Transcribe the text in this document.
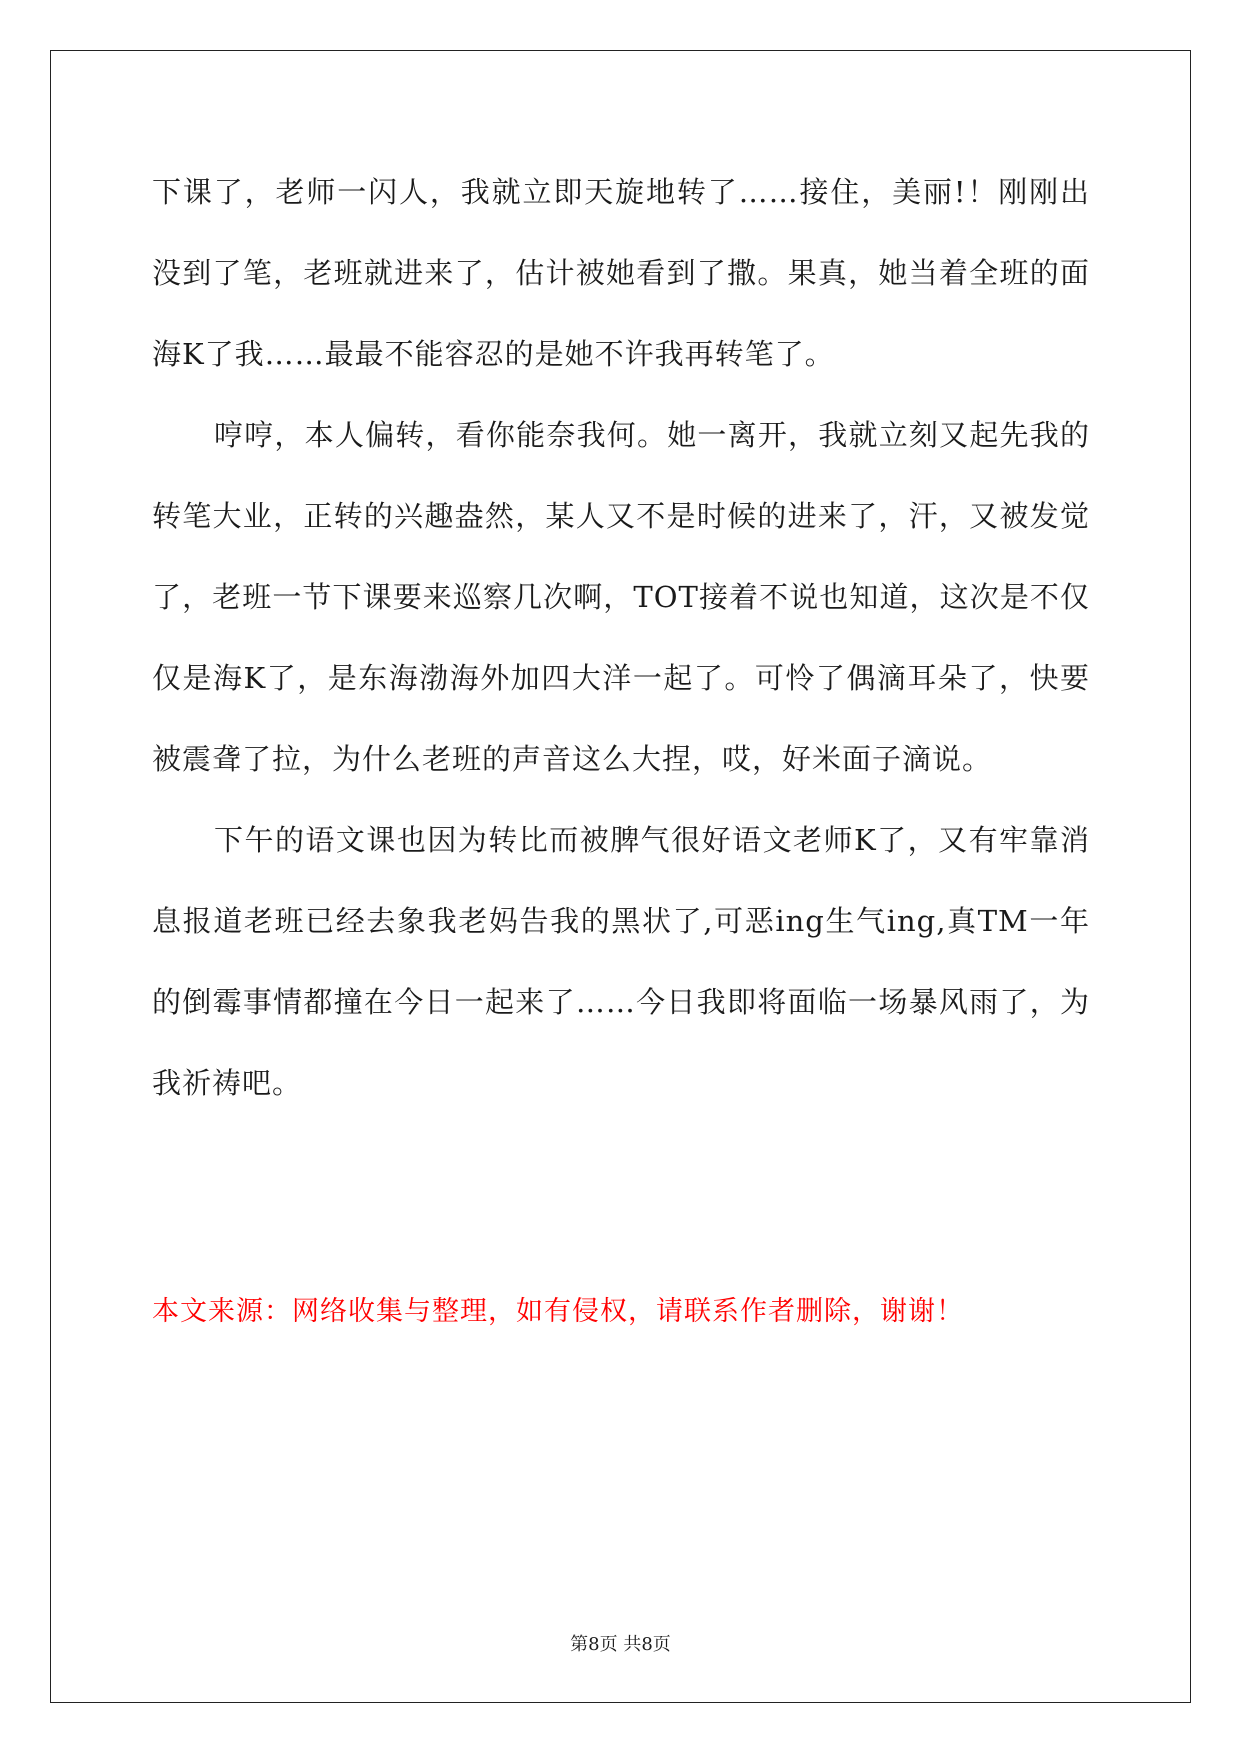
下课了，老师一闪人，我就立即天旋地转了……接住，美丽!！刚刚出没到了笔，老班就进来了，估计被她看到了撒。果真，她当着全班的面海K了我……最最不能容忍的是她不许我再转笔了。

哼哼，本人偏转，看你能奈我何。她一离开，我就立刻又起先我的转笔大业，正转的兴趣盎然，某人又不是时候的进来了，汗，又被发觉了，老班一节下课要来巡察几次啊，TOT接着不说也知道，这次是不仅仅是海K了，是东海渤海外加四大洋一起了。可怜了偶滴耳朵了，快要被震聋了拉，为什么老班的声音这么大捏，哎，好米面子滴说。

下午的语文课也因为转比而被脾气很好语文老师K了，又有牢靠消息报道老班已经去象我老妈告我的黑状了,可恶ing生气ing,真TM一年的倒霉事情都撞在今日一起来了……今日我即将面临一场暴风雨了，为我祈祷吧。

本文来源：网络收集与整理，如有侵权，请联系作者删除，谢谢！

第8页 共8页
